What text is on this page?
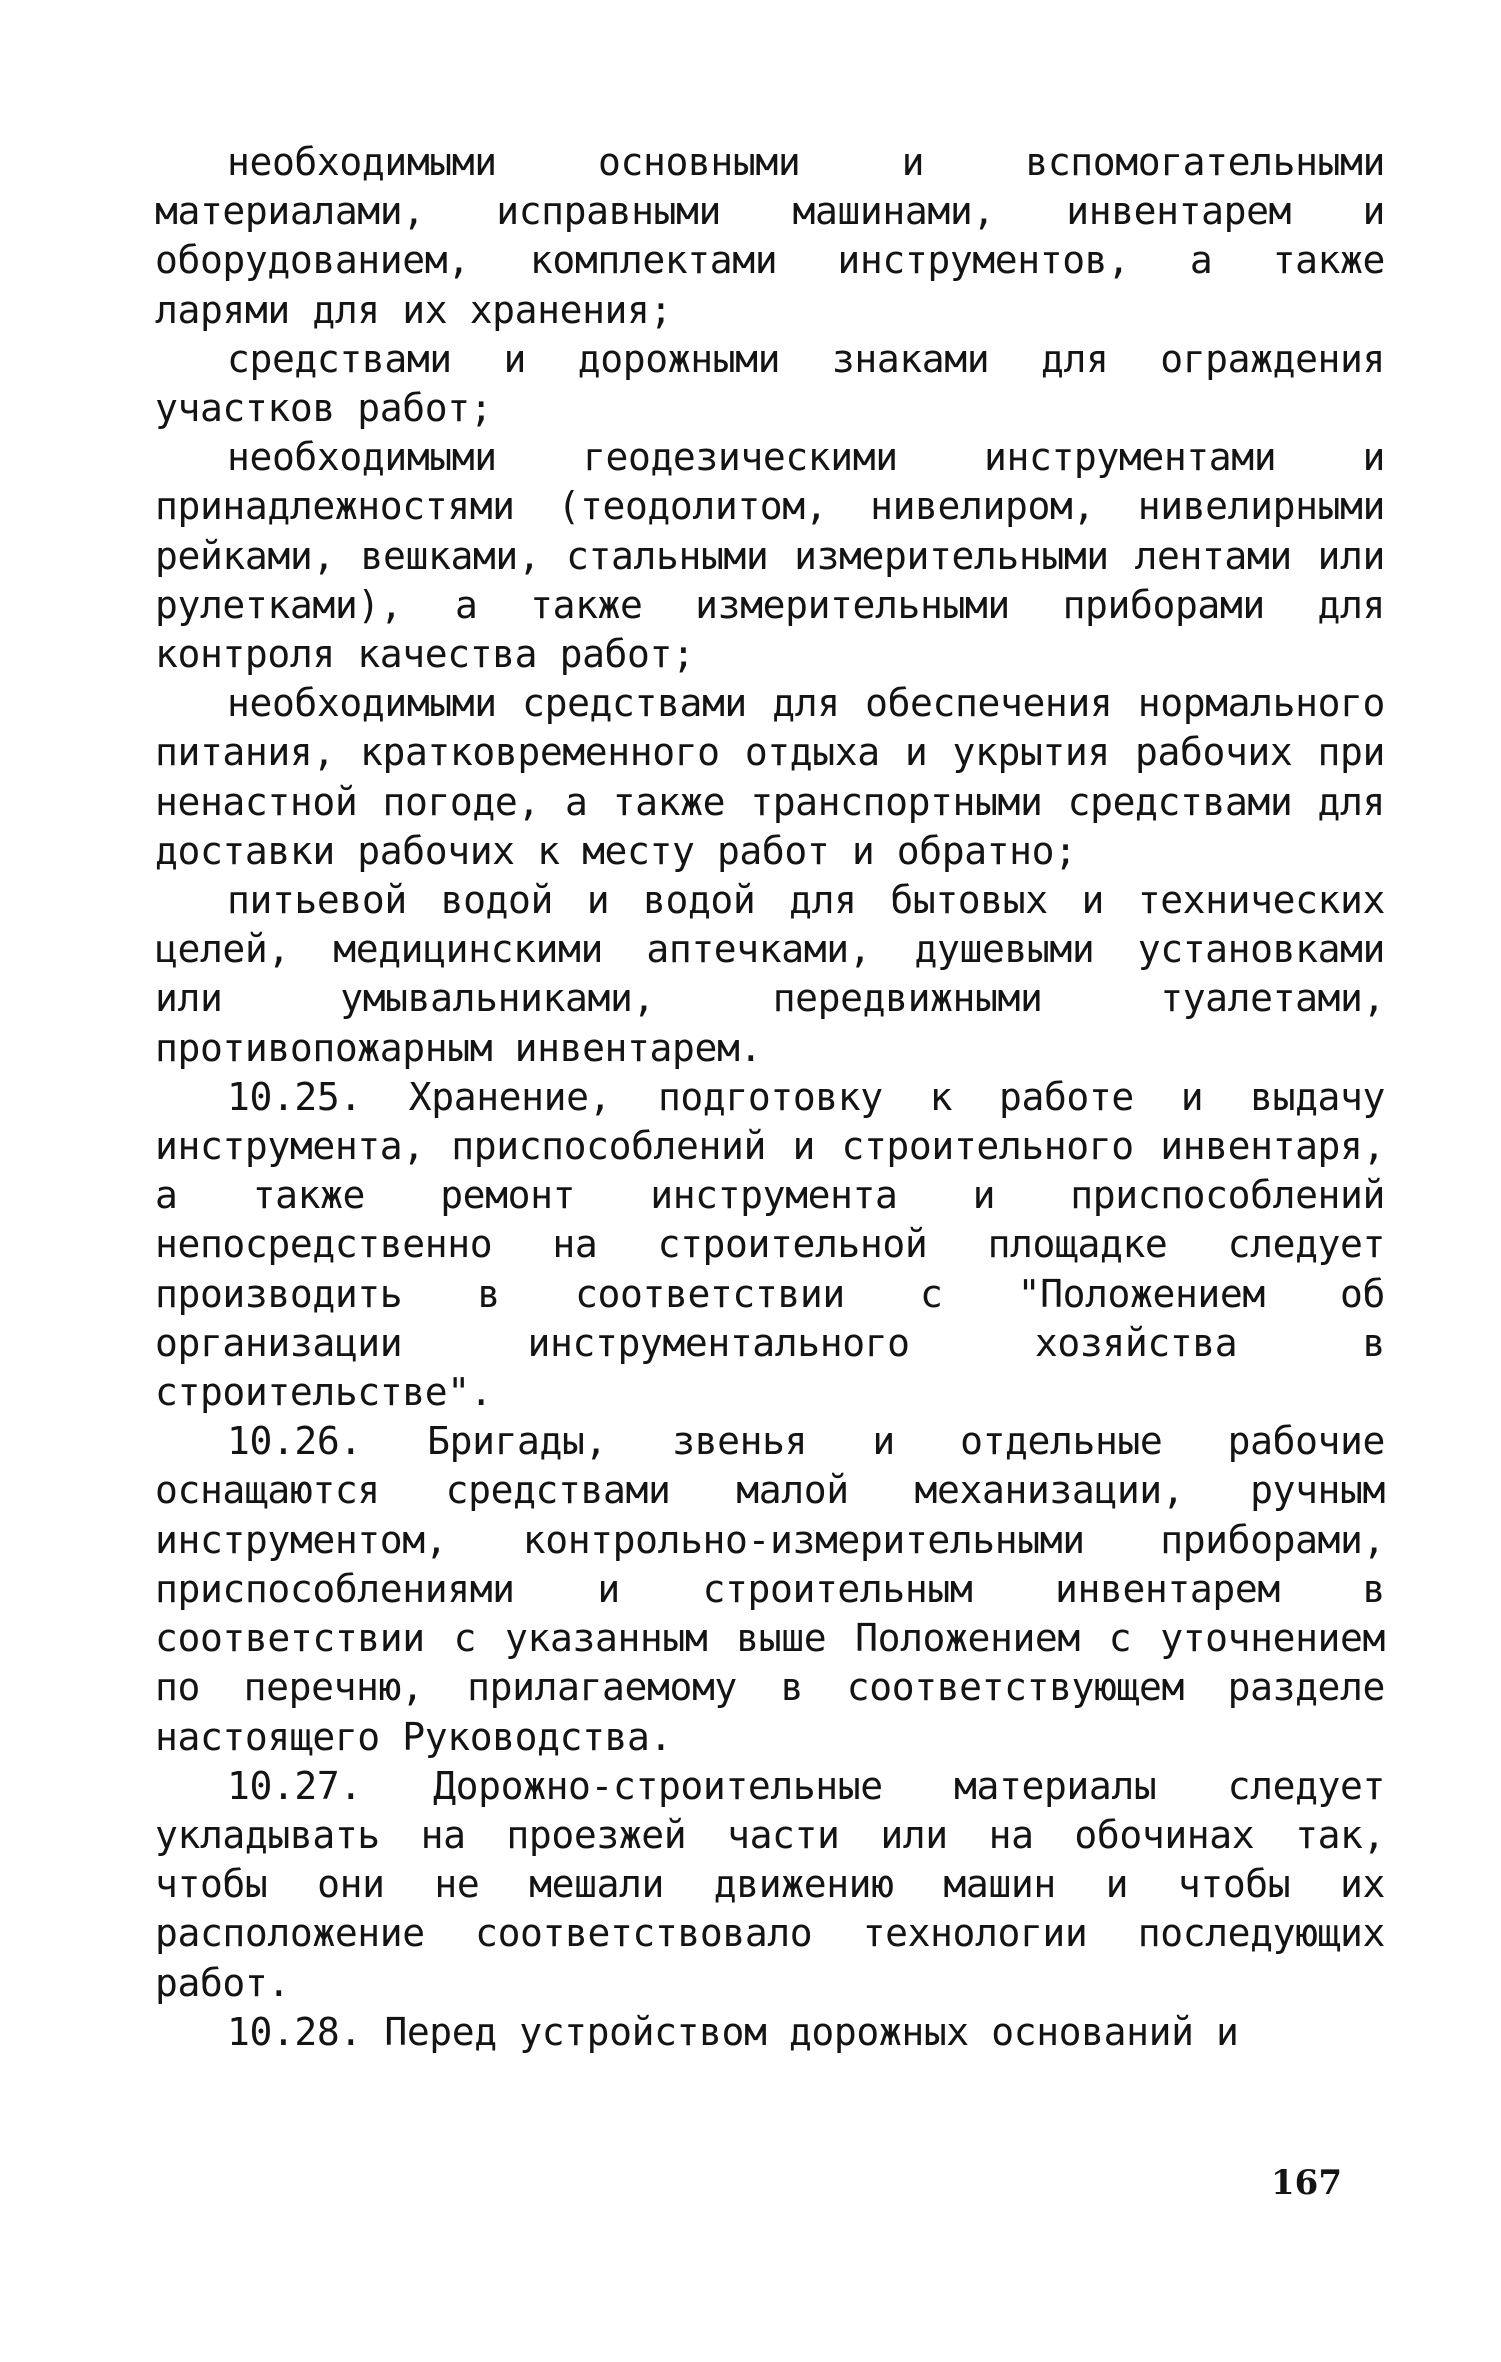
необходимыми основными и вспомогательными материалами, исправными машинами, инвентарем и оборудованием, комплектами инструментов, а также ларями для их хранения;

средствами и дорожными знаками для ограждения участков работ;

необходимыми геодезическими инструментами и принадлежностями (теодолитом, нивелиром, нивелирными рейками, вешками, стальными измерительными лентами или рулетками), а также измерительными приборами для контроля качества работ;

необходимыми средствами для обеспечения нормального питания, кратковременного отдыха и укрытия рабочих при ненастной погоде, а также транспортными средствами для доставки рабочих к месту работ и обратно;

питьевой водой и водой для бытовых и технических целей, медицинскими аптечками, душевыми установками или умывальниками, передвижными туалетами, противопожарным инвентарем.

10.25. Хранение, подготовку к работе и выдачу инструмента, приспособлений и строительного инвентаря, а также ремонт инструмента и приспособлений непосредственно на строительной площадке следует производить в соответствии с "Положением об организации инструментального хозяйства в строительстве".

10.26. Бригады, звенья и отдельные рабочие оснащаются средствами малой механизации, ручным инструментом, контрольно-измерительными приборами, приспособлениями и строительным инвентарем в соответствии с указанным выше Положением с уточнением по перечню, прилагаемому в соответствующем разделе настоящего Руководства.

10.27. Дорожно-строительные материалы следует укладывать на проезжей части или на обочинах так, чтобы они не мешали движению машин и чтобы их расположение соответствовало технологии последующих работ.

10.28. Перед устройством дорожных оснований и

167
